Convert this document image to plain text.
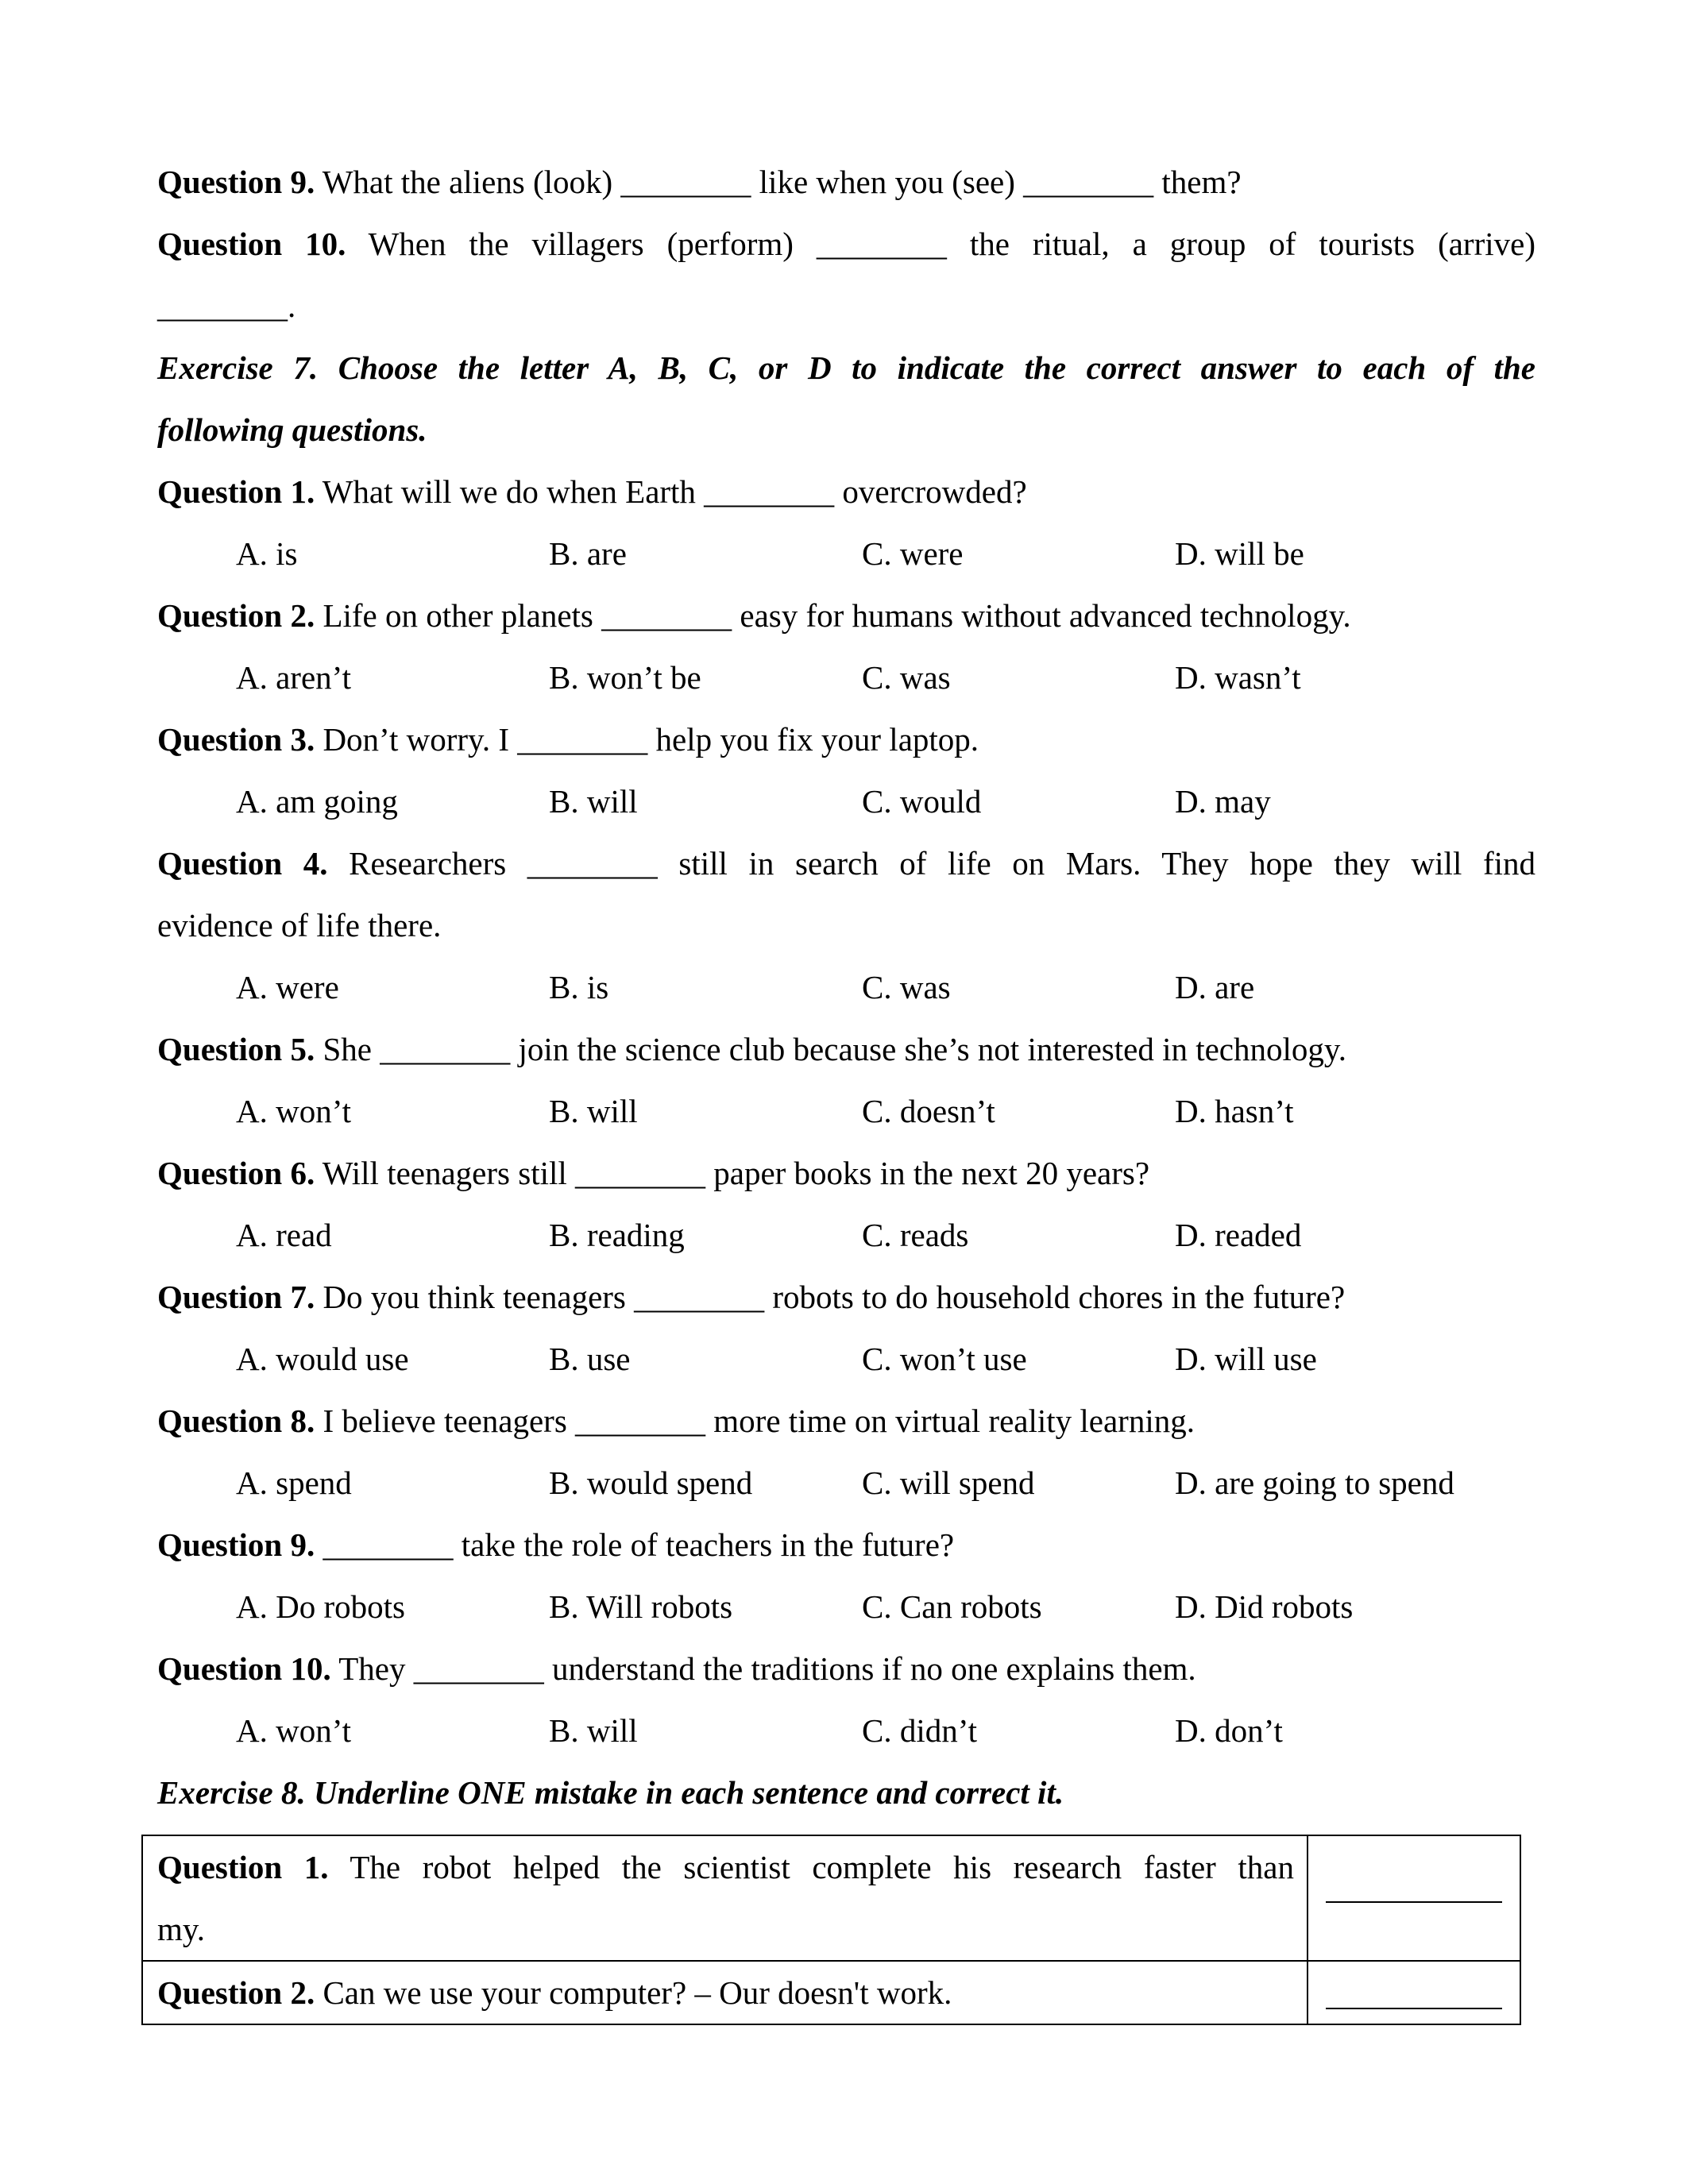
Question 9. What the aliens (look) ________ like when you (see) ________ them?
Question 10. When the villagers (perform) ________ the ritual, a group of tourists (arrive)
________.
Exercise 7. Choose the letter A, B, C, or D to indicate the correct answer to each of the
following questions.
Question 1. What will we do when Earth ________ overcrowded?
A. is	B. are	C. were	D. will be
Question 2. Life on other planets ________ easy for humans without advanced technology.
A. aren’t	B. won’t be	C. was	D. wasn’t
Question 3. Don’t worry. I ________ help you fix your laptop.
A. am going	B. will	C. would	D. may
Question 4. Researchers ________ still in search of life on Mars. They hope they will find
evidence of life there.
A. were	B. is	C. was	D. are
Question 5. She ________ join the science club because she’s not interested in technology.
A. won’t	B. will	C. doesn’t	D. hasn’t
Question 6. Will teenagers still ________ paper books in the next 20 years?
A. read	B. reading	C. reads	D. readed
Question 7. Do you think teenagers ________ robots to do household chores in the future?
A. would use	B. use	C. won’t use	D. will use
Question 8. I believe teenagers ________ more time on virtual reality learning.
A. spend	B. would spend	C. will spend	D. are going to spend
Question 9. ________ take the role of teachers in the future?
A. Do robots	B. Will robots	C. Can robots	D. Did robots
Question 10. They ________ understand the traditions if no one explains them.
A. won’t	B. will	C. didn’t	D. don’t
Exercise 8. Underline ONE mistake in each sentence and correct it.
Question 1. The robot helped the scientist complete his research faster than
my.	

Question 2. Can we use your computer? – Our doesn't work.	
